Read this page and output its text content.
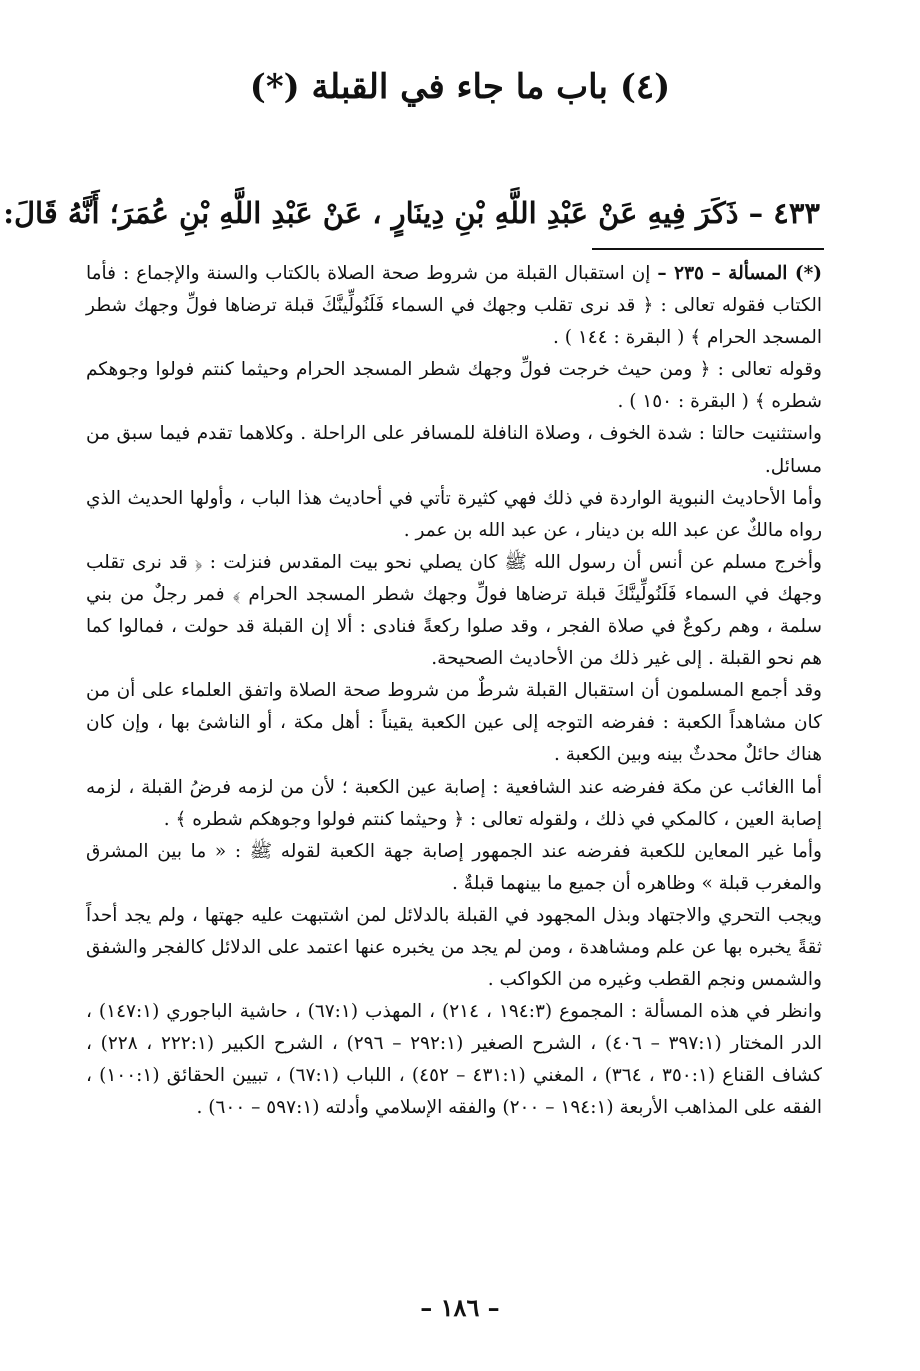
(٤) باب ما جاء في القبلة (*)
٤٣٣ – ذَكَرَ فِيهِ عَنْ عَبْدِ اللَّهِ بْنِ دِينَارٍ ، عَنْ عَبْدِ اللَّهِ بْنِ عُمَرَ؛ أَنَّهُ قَالَ:

(*) المسألة – ٢٣٥ – إن استقبال القبلة من شروط صحة الصلاة بالكتاب والسنة والإجماع : فأما الكتاب فقوله تعالى : ﴿ قد نرى تقلب وجهك في السماء فَلَنُولِّينَّكَ قبلة ترضاها فولِّ وجهك شطر المسجد الحرام ﴾ ( البقرة : ١٤٤ ) .

وقوله تعالى : ﴿ ومن حيث خرجت فولِّ وجهك شطر المسجد الحرام وحيثما كنتم فولوا وجوهكم شطره ﴾ ( البقرة : ١٥٠ ) .

واستثنيت حالتا : شدة الخوف ، وصلاة النافلة للمسافر على الراحلة . وكلاهما تقدم فيما سبق من مسائل.

وأما الأحاديث النبوية الواردة في ذلك فهي كثيرة تأتي في أحاديث هذا الباب ، وأولها الحديث الذي رواه مالكٌ عن عبد الله بن دينار ، عن عبد الله بن عمر .

وأخرج مسلم عن أنس أن رسول الله ﷺ كان يصلي نحو بيت المقدس فنزلت : ﴿ قد نرى تقلب وجهك في السماء فَلَنُولِّينَّكَ قبلة ترضاها فولِّ وجهك شطر المسجد الحرام ﴾ فمر رجلٌ من بني سلمة ، وهم ركوعٌ في صلاة الفجر ، وقد صلوا ركعةً فنادى : ألا إن القبلة قد حولت ، فمالوا كما هم نحو القبلة . إلى غير ذلك من الأحاديث الصحيحة.

وقد أجمع المسلمون أن استقبال القبلة شرطٌ من شروط صحة الصلاة واتفق العلماء على أن من كان مشاهداً الكعبة : ففرضه التوجه إلى عين الكعبة يقيناً : أهل مكة ، أو الناشئ بها ، وإن كان هناك حائلٌ محدثٌ بينه وبين الكعبة .

أما االغائب عن مكة ففرضه عند الشافعية : إصابة عين الكعبة ؛ لأن من لزمه فرضُ القبلة ، لزمه إصابة العين ، كالمكي في ذلك ، ولقوله تعالى : ﴿ وحيثما كنتم فولوا وجوهكم شطره ﴾ .

وأما غير المعاين للكعبة ففرضه عند الجمهور إصابة جهة الكعبة لقوله ﷺ : « ما بين المشرق والمغرب قبلة » وظاهره أن جميع ما بينهما قبلةٌ .

ويجب التحري والاجتهاد وبذل المجهود في القبلة بالدلائل لمن اشتبهت عليه جهتها ، ولم يجد أحداً ثقةً يخبره بها عن علم ومشاهدة ، ومن لم يجد من يخبره عنها اعتمد على الدلائل كالفجر والشفق والشمس ونجم القطب وغيره من الكواكب .

وانظر في هذه المسألة : المجموع (١٩٤:٣ ، ٢١٤) ، المهذب (٦٧:١) ، حاشية الباجوري (١٤٧:١) ، الدر المختار (٣٩٧:١ – ٤٠٦) ، الشرح الصغير (٢٩٢:١ – ٢٩٦) ، الشرح الكبير (٢٢٢:١ ، ٢٢٨) ، كشاف القناع (٣٥٠:١ ، ٣٦٤) ، المغني (٤٣١:١ – ٤٥٢) ، اللباب (٦٧:١) ، تبيين الحقائق (١٠٠:١) ، الفقه على المذاهب الأربعة (١٩٤:١ – ٢٠٠) والفقه الإسلامي وأدلته (٥٩٧:١ – ٦٠٠) .

– ١٨٦ –
